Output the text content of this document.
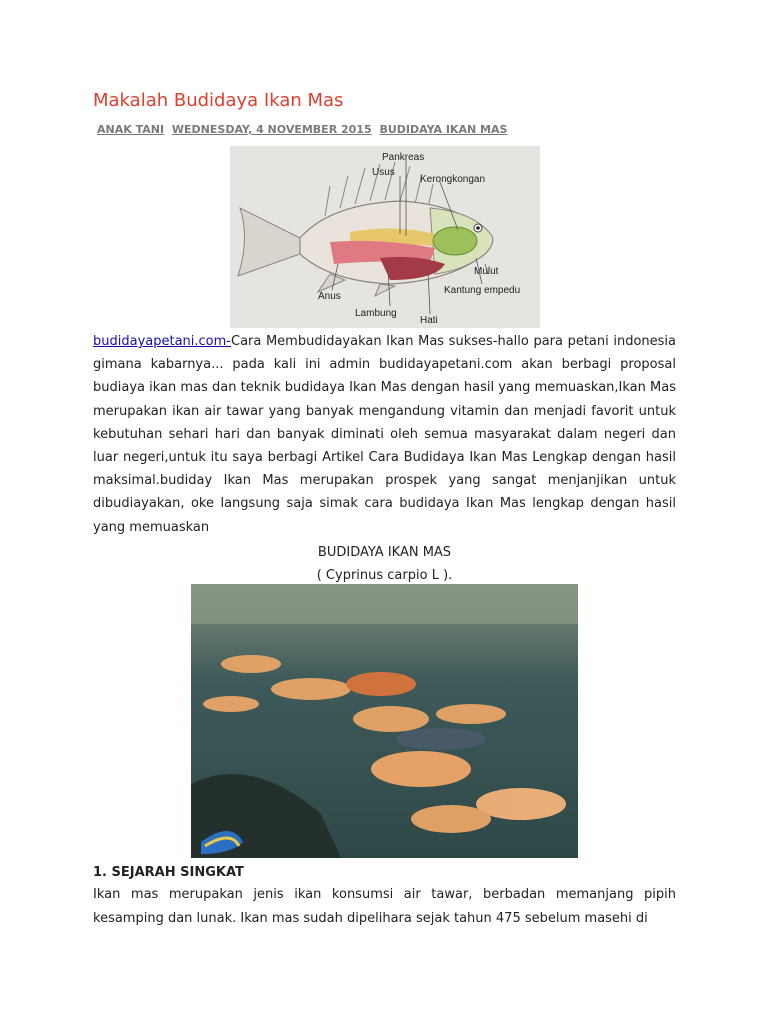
Makalah Budidaya Ikan Mas
ANAK TANI WEDNESDAY, 4 NOVEMBER 2015 BUDIDAYA IKAN MAS
Pankreas
Usus
Kerongkongan
Mulut
Kantung empedu
Anus
Lambung
Hati

budidayapetani.com-Cara Membudidayakan Ikan Mas sukses-hallo para petani indonesia gimana kabarnya... pada kali ini admin budidayapetani.com akan berbagi proposal budiaya ikan mas dan teknik budidaya Ikan Mas dengan hasil yang memuaskan,Ikan Mas merupakan ikan air tawar yang banyak mengandung vitamin dan menjadi favorit untuk kebutuhan sehari hari dan banyak diminati oleh semua masyarakat dalam negeri dan luar negeri,untuk itu saya berbagi Artikel Cara Budidaya Ikan Mas Lengkap dengan hasil maksimal.budiday Ikan Mas merupakan prospek yang sangat menjanjikan untuk dibudiayakan, oke langsung saja simak cara budidaya Ikan Mas lengkap dengan hasil yang memuaskan

BUDIDAYA IKAN MAS
( Cyprinus carpio L ).
1. SEJARAH SINGKAT

Ikan mas merupakan jenis ikan konsumsi air tawar, berbadan memanjang pipih kesamping dan lunak. Ikan mas sudah dipelihara sejak tahun 475 sebelum masehi di
